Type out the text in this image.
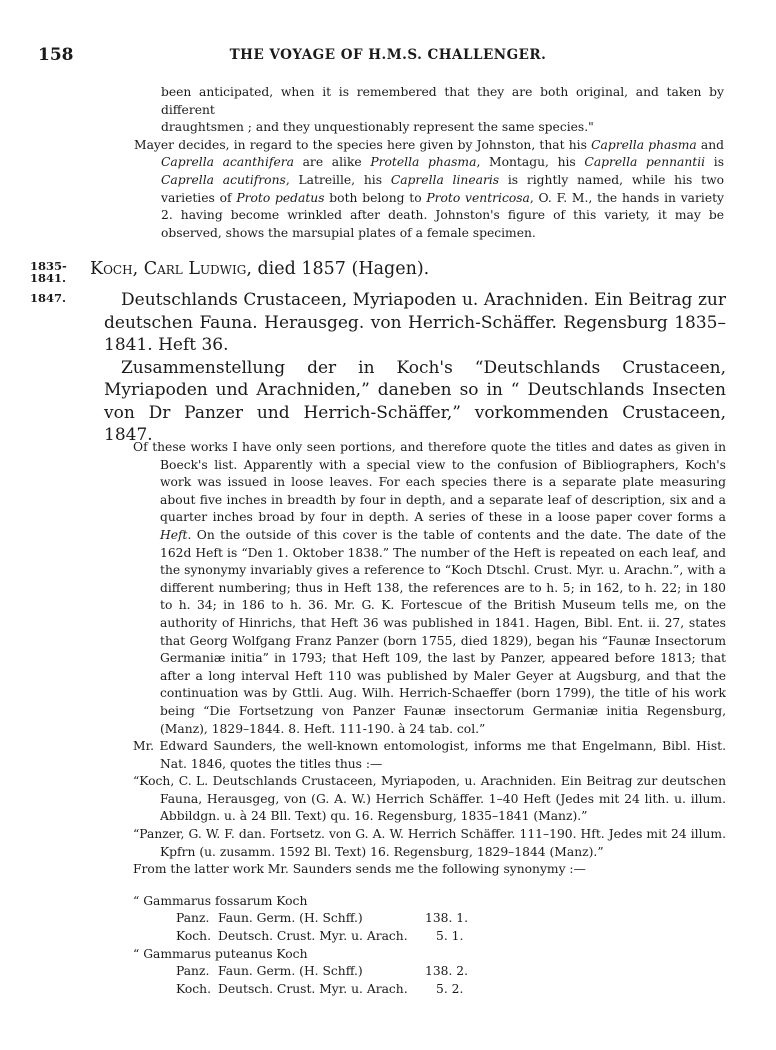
158	THE VOYAGE OF H.M.S. CHALLENGER.
been anticipated, when it is remembered that they are both original, and taken by different
draughtsmen ; and they unquestionably represent the same species."
Mayer decides, in regard to the species here given by Johnston, that his Caprella phasma and Caprella acanthifera are alike Protella phasma, Montagu, his Caprella pennantii is Caprella acutifrons, Latreille, his Caprella linearis is rightly named, while his two varieties of Proto pedatus both belong to Proto ventricosa, O. F. M., the hands in variety 2. having become wrinkled after death. Johnston's figure of this variety, it may be observed, shows the marsupial plates of a female specimen.
1835-
1841.
1847.
Koch, Carl Ludwig, died 1857 (Hagen).

Deutschlands Crustaceen, Myriapoden u. Arachniden. Ein Beitrag zur deutschen Fauna. Herausgeg. von Herrich-Schäffer. Regensburg 1835–1841. Heft 36.

Zusammenstellung der in Koch's “Deutschlands Crustaceen, Myriapoden und Arachniden,” daneben so in “ Deutschlands Insecten von Dr Panzer und Herrich-Schäffer,” vorkommenden Crustaceen, 1847.

Of these works I have only seen portions, and therefore quote the titles and dates as given in Boeck's list. Apparently with a special view to the confusion of Bibliographers, Koch's work was issued in loose leaves. For each species there is a separate plate measuring about five inches in breadth by four in depth, and a separate leaf of description, six and a quarter inches broad by four in depth. A series of these in a loose paper cover forms a Heft. On the outside of this cover is the table of contents and the date. The date of the 162d Heft is “Den 1. Oktober 1838.” The number of the Heft is repeated on each leaf, and the synonymy invariably gives a reference to “Koch Dtschl. Crust. Myr. u. Arachn.”, with a different numbering; thus in Heft 138, the references are to h. 5; in 162, to h. 22; in 180 to h. 34; in 186 to h. 36. Mr. G. K. Fortescue of the British Museum tells me, on the authority of Hinrichs, that Heft 36 was published in 1841. Hagen, Bibl. Ent. ii. 27, states that Georg Wolfgang Franz Panzer (born 1755, died 1829), began his “Faunæ Insectorum Germaniæ initia” in 1793; that Heft 109, the last by Panzer, appeared before 1813; that after a long interval Heft 110 was published by Maler Geyer at Augsburg, and that the continuation was by Gttli. Aug. Wilh. Herrich-Schaeffer (born 1799), the title of his work being “Die Fortsetzung von Panzer Faunæ insectorum Germaniæ initia Regensburg, (Manz), 1829–1844. 8. Heft. 111-190. à 24 tab. col.”
Mr. Edward Saunders, the well-known entomologist, informs me that Engelmann, Bibl. Hist. Nat. 1846, quotes the titles thus :—
“Koch, C. L. Deutschlands Crustaceen, Myriapoden, u. Arachniden. Ein Beitrag zur deutschen Fauna, Herausgeg, von (G. A. W.) Herrich Schäffer. 1–40 Heft (Jedes mit 24 lith. u. illum. Abbildgn. u. à 24 Bll. Text) qu. 16. Regensburg, 1835–1841 (Manz).”
“Panzer, G. W. F. dan. Fortsetz. von G. A. W. Herrich Schäffer. 111–190. Hft. Jedes mit 24 illum. Kpfrn (u. zusamm. 1592 Bl. Text) 16. Regensburg, 1829–1844 (Manz).”
From the latter work Mr. Saunders sends me the following synonymy :—
“ Gammarus fossarum Koch
Panz. Faun. Germ. (H. Schff.)	138. 1.
Koch. Deutsch. Crust. Myr. u. Arach. 5. 1.
“ Gammarus puteanus Koch
Panz. Faun. Germ. (H. Schff.)	138. 2.
Koch. Deutsch. Crust. Myr. u. Arach. 5. 2.
